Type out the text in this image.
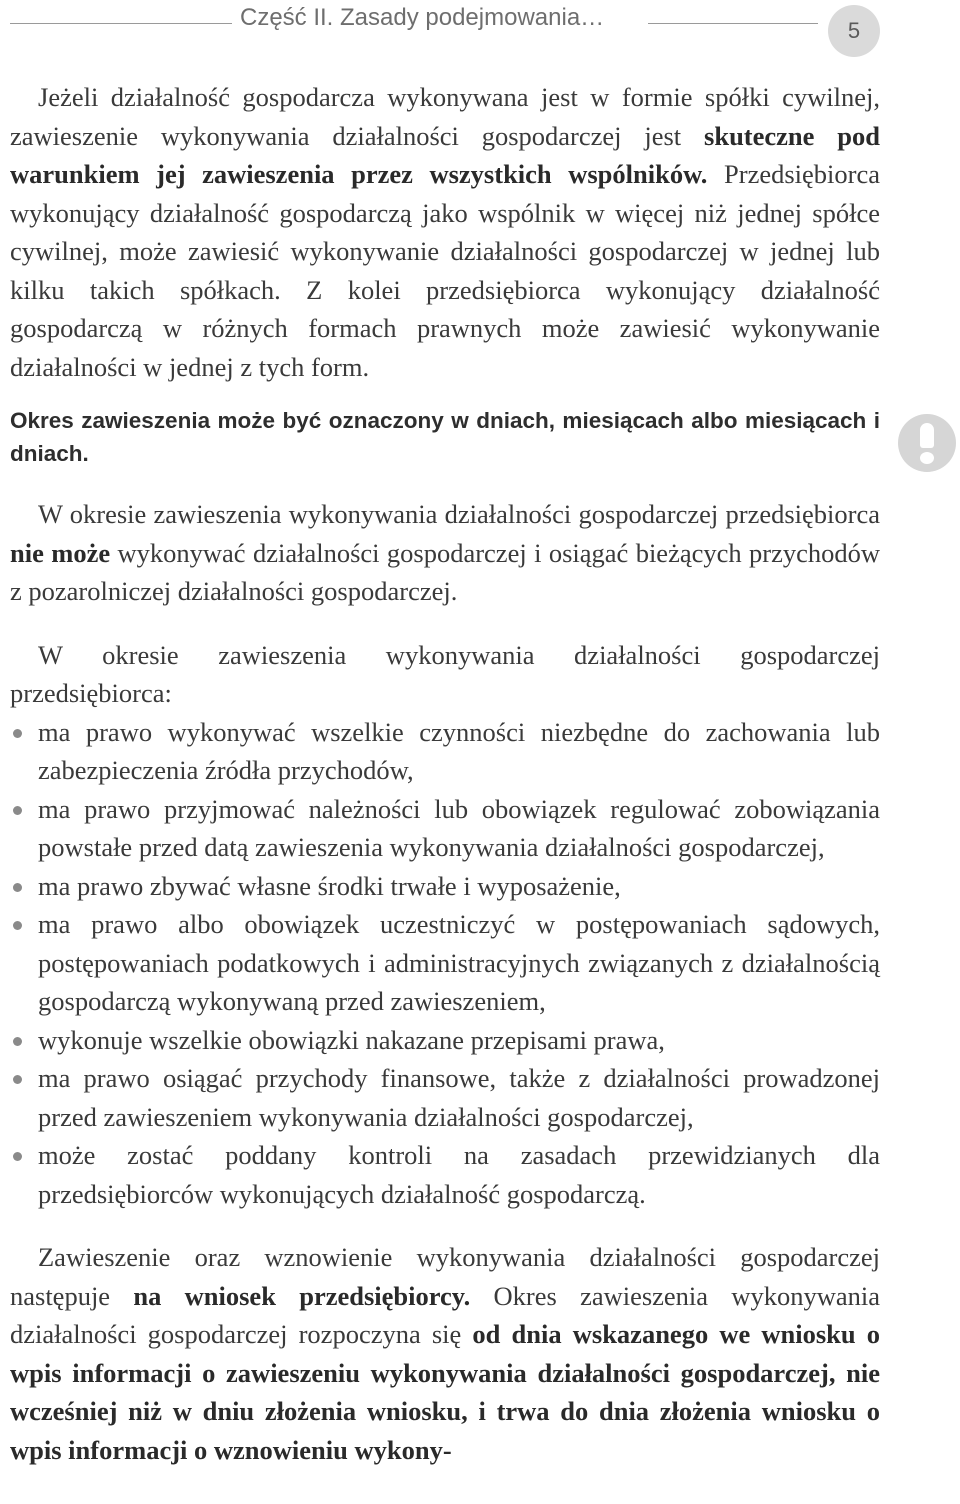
Część II. Zasady podejmowania…	5

Jeżeli działalność gospodarcza wykonywana jest w formie spółki cywilnej, zawieszenie wykonywania działalności gospodarczej jest skuteczne pod warunkiem jej zawieszenia przez wszystkich wspólników. Przedsiębiorca wykonujący działalność gospodarczą jako wspólnik w więcej niż jednej spółce cywilnej, może zawiesić wykonywanie działalności gospodarczej w jednej lub kilku takich spółkach. Z kolei przedsiębiorca wykonujący działalność gospodarczą w różnych formach prawnych może zawiesić wykonywanie działalności w jednej z tych form.

Okres zawieszenia może być oznaczony w dniach, miesiącach albo miesiącach i dniach.

W okresie zawieszenia wykonywania działalności gospodarczej przedsiębiorca nie może wykonywać działalności gospodarczej i osiągać bieżących przychodów z pozarolniczej działalności gospodarczej.

W okresie zawieszenia wykonywania działalności gospodarczej przedsiębiorca:

ma prawo wykonywać wszelkie czynności niezbędne do zachowania lub zabezpieczenia źródła przychodów,
ma prawo przyjmować należności lub obowiązek regulować zobowiązania powstałe przed datą zawieszenia wykonywania działalności gospodarczej,
ma prawo zbywać własne środki trwałe i wyposażenie,
ma prawo albo obowiązek uczestniczyć w postępowaniach sądowych, postępowaniach podatkowych i administracyjnych związanych z działalnością gospodarczą wykonywaną przed zawieszeniem,
wykonuje wszelkie obowiązki nakazane przepisami prawa,
ma prawo osiągać przychody finansowe, także z działalności prowadzonej przed zawieszeniem wykonywania działalności gospodarczej,
może zostać poddany kontroli na zasadach przewidzianych dla przedsiębiorców wykonujących działalność gospodarczą.

Zawieszenie oraz wznowienie wykonywania działalności gospodarczej następuje na wniosek przedsiębiorcy. Okres zawieszenia wykonywania działalności gospodarczej rozpoczyna się od dnia wskazanego we wniosku o wpis informacji o zawieszeniu wykonywania działalności gospodarczej, nie wcześniej niż w dniu złożenia wniosku, i trwa do dnia złożenia wniosku o wpis informacji o wznowieniu wykony-
